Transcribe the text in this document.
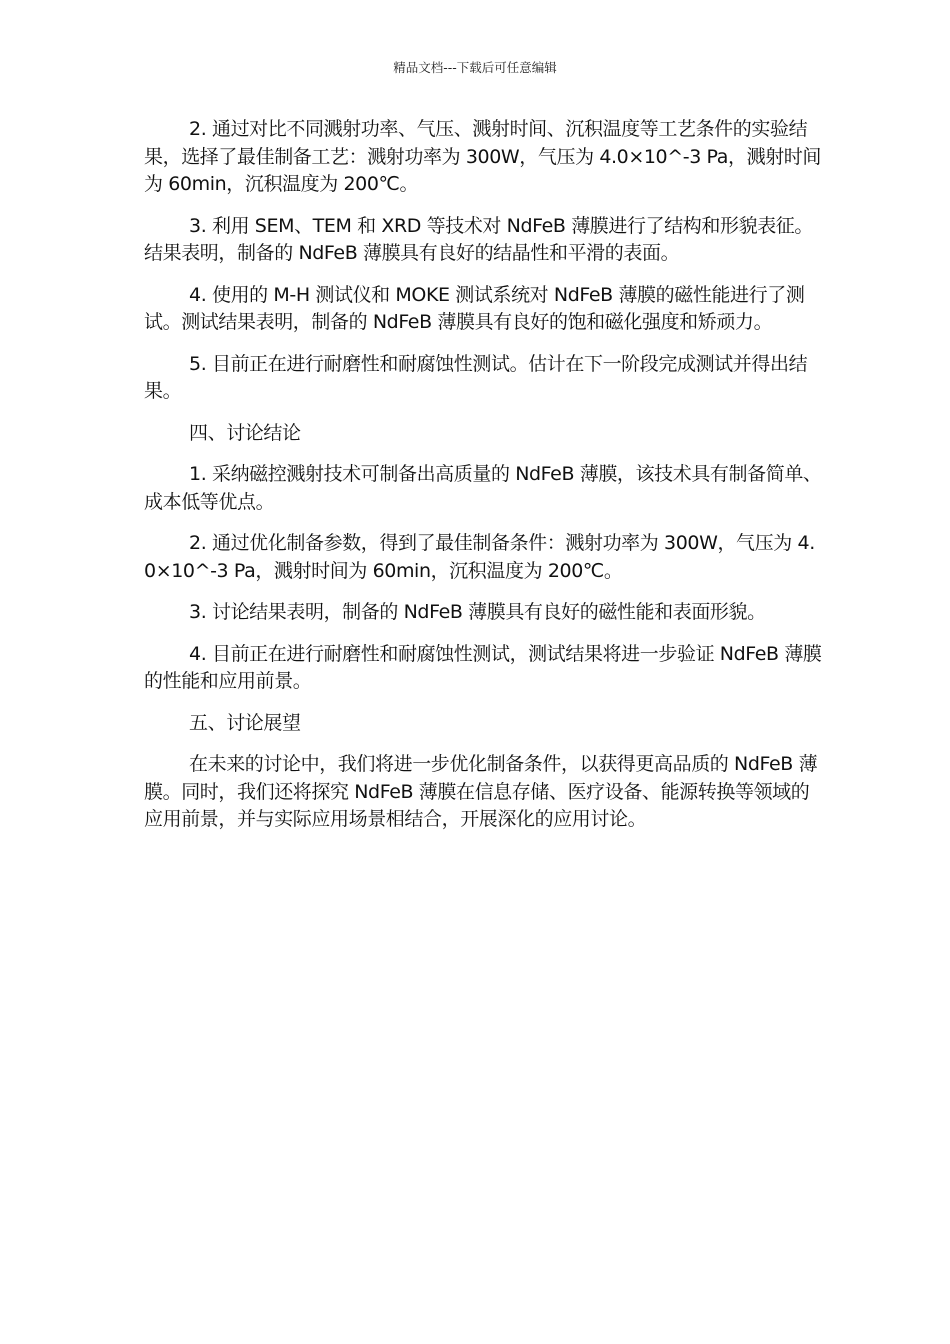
精品文档---下载后可任意编辑

2. 通过对比不同溅射功率、气压、溅射时间、沉积温度等工艺条件的实验结果，选择了最佳制备工艺：溅射功率为 300W，气压为 4.0×10^-3 Pa，溅射时间为 60min，沉积温度为 200℃。

3. 利用 SEM、TEM 和 XRD 等技术对 NdFeB 薄膜进行了结构和形貌表征。结果表明，制备的 NdFeB 薄膜具有良好的结晶性和平滑的表面。

4. 使用的 M-H 测试仪和 MOKE 测试系统对 NdFeB 薄膜的磁性能进行了测试。测试结果表明，制备的 NdFeB 薄膜具有良好的饱和磁化强度和矫顽力。

5. 目前正在进行耐磨性和耐腐蚀性测试。估计在下一阶段完成测试并得出结果。

四、讨论结论

1. 采纳磁控溅射技术可制备出高质量的 NdFeB 薄膜，该技术具有制备简单、成本低等优点。

2. 通过优化制备参数，得到了最佳制备条件：溅射功率为 300W，气压为 4.0×10^-3 Pa，溅射时间为 60min，沉积温度为 200℃。

3. 讨论结果表明，制备的 NdFeB 薄膜具有良好的磁性能和表面形貌。

4. 目前正在进行耐磨性和耐腐蚀性测试，测试结果将进一步验证 NdFeB 薄膜的性能和应用前景。

五、讨论展望

在未来的讨论中，我们将进一步优化制备条件，以获得更高品质的 NdFeB 薄膜。同时，我们还将探究 NdFeB 薄膜在信息存储、医疗设备、能源转换等领域的应用前景，并与实际应用场景相结合，开展深化的应用讨论。
